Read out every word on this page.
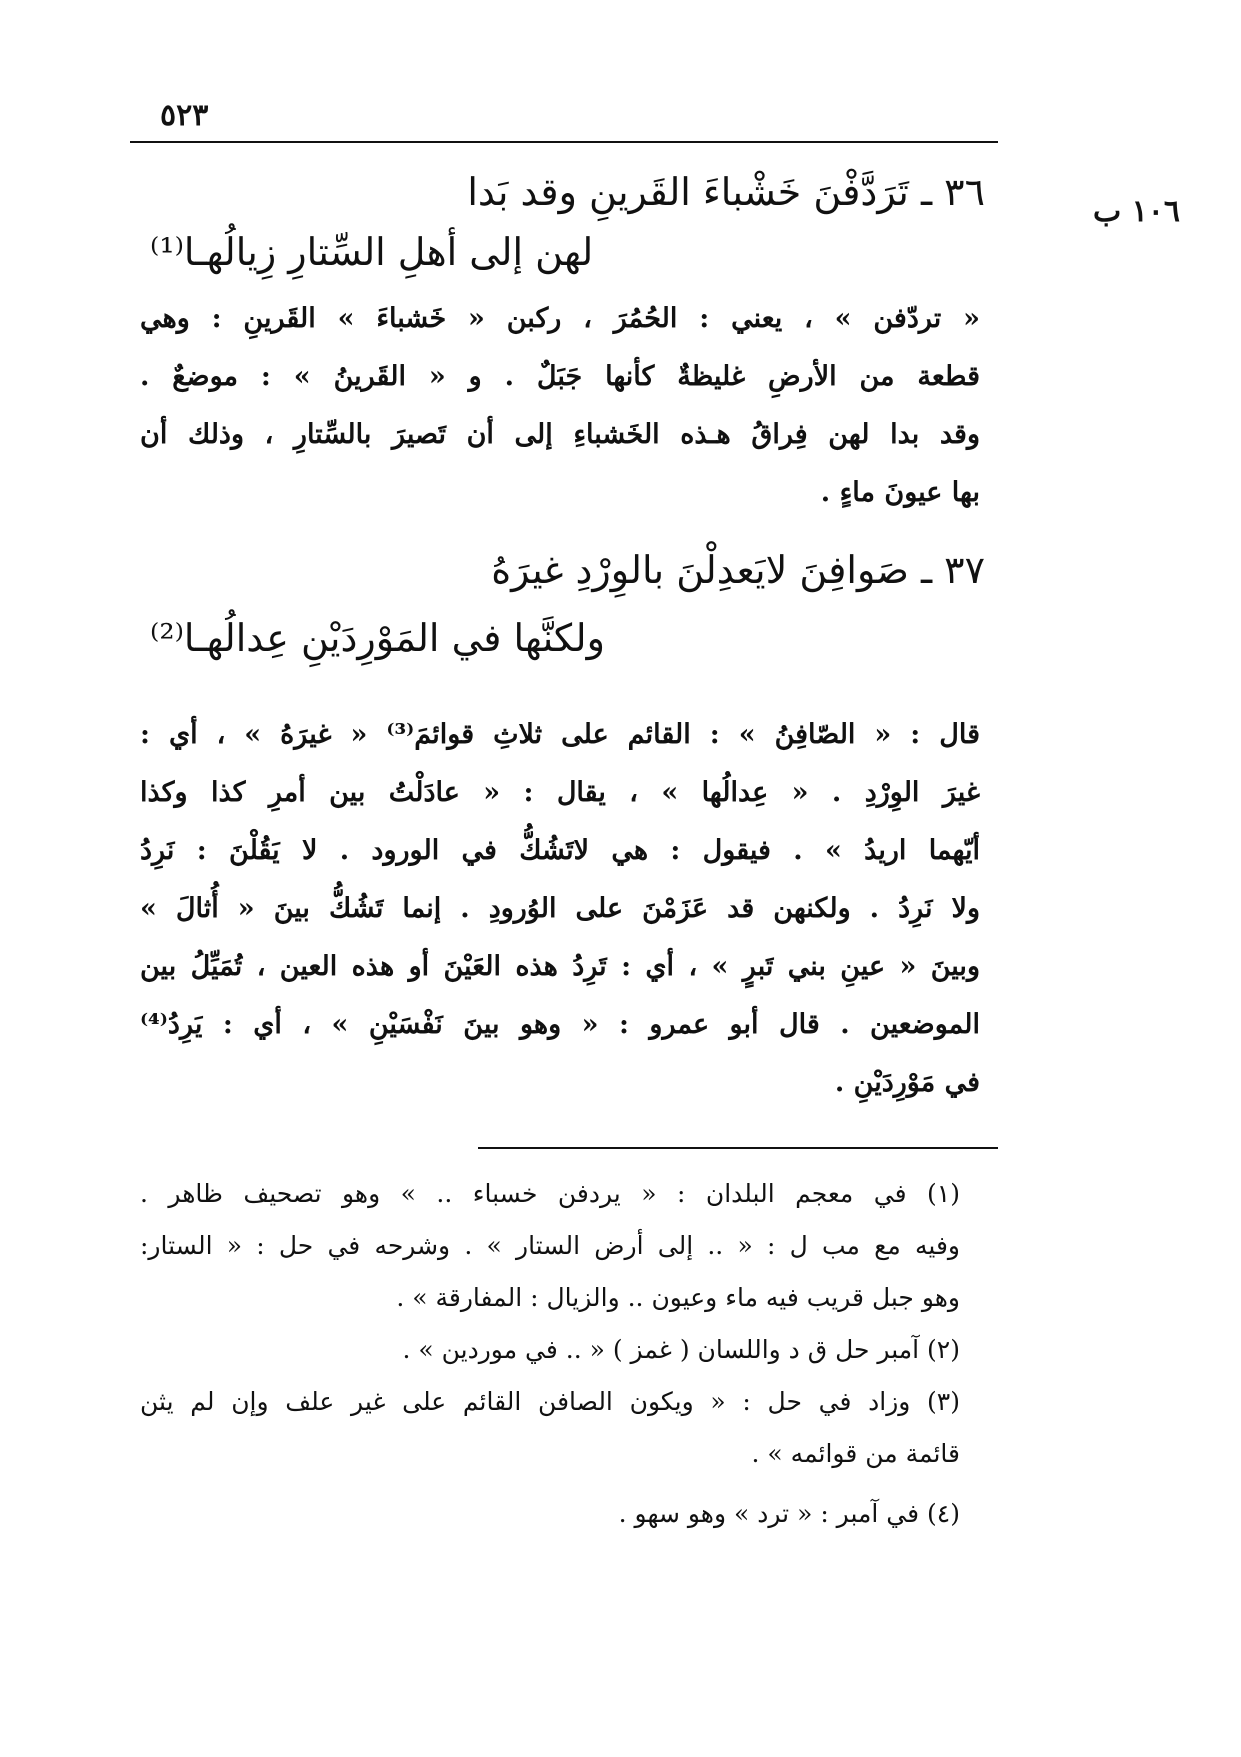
٥٢٣
١٠٦ ب
٣٦ ـ تَرَدَّفْنَ خَشْباءَ القَرينِ وقد بَدا
لهن إلى أهلِ السِّتارِ زِيالُهـا⁽¹⁾
« تردّفن » ، يعني : الحُمُرَ ، ركبن « خَشباءَ » القَرينِ : وهي
قطعة من الأرضِ غليظةٌ كأنها جَبَلٌ . و « القَرينُ » : موضعٌ .
وقد بدا لهن فِراقُ هـذه الخَشباءِ إلى أن تَصيرَ بالسِّتارِ ، وذلك أن
بها عيونَ ماءٍ .
٣٧ ـ صَوافِنَ لايَعدِلْنَ بالوِرْدِ غيرَهُ
ولكنَّها في المَوْرِدَيْنِ عِدالُهـا⁽²⁾
قال : « الصّافِنُ » : القائم على ثلاثِ قوائمَ⁽³⁾ « غيرَهُ » ، أي :
غيرَ الوِرْدِ . « عِدالُها » ، يقال : « عادَلْتُ بين أمرِ كذا وكذا
أيّهما اريدُ » . فيقول : هي لاتَشُكُّ في الورود . لا يَقُلْنَ : نَرِدُ
ولا نَرِدُ . ولكنهن قد عَزَمْنَ على الوُرودِ . إنما تَشُكُّ بينَ « أُثالَ »
وبينَ « عينِ بني تَبرٍ » ، أي : تَرِدُ هذه العَيْنَ أو هذه العين ، تُمَيِّلُ بين
الموضعين . قال أبو عمرو : « وهو بينَ نَفْسَيْنِ » ، أي : يَرِدُ⁽⁴⁾
في مَوْرِدَيْنِ .
(١) في معجم البلدان : « يردفن خسباء .. » وهو تصحيف ظاهر .
وفيه مع مب ل : « .. إلى أرض الستار » . وشرحه في حل : « الستار:
وهو جبل قريب فيه ماء وعيون .. والزيال : المفارقة » .
(٢) آمبر حل ق د واللسان ( غمز ) « .. في موردين » .
(٣) وزاد في حل : « ويكون الصافن القائم على غير علف وإن لم يثن
قائمة من قوائمه » .
(٤) في آمبر : « ترد » وهو سهو .
